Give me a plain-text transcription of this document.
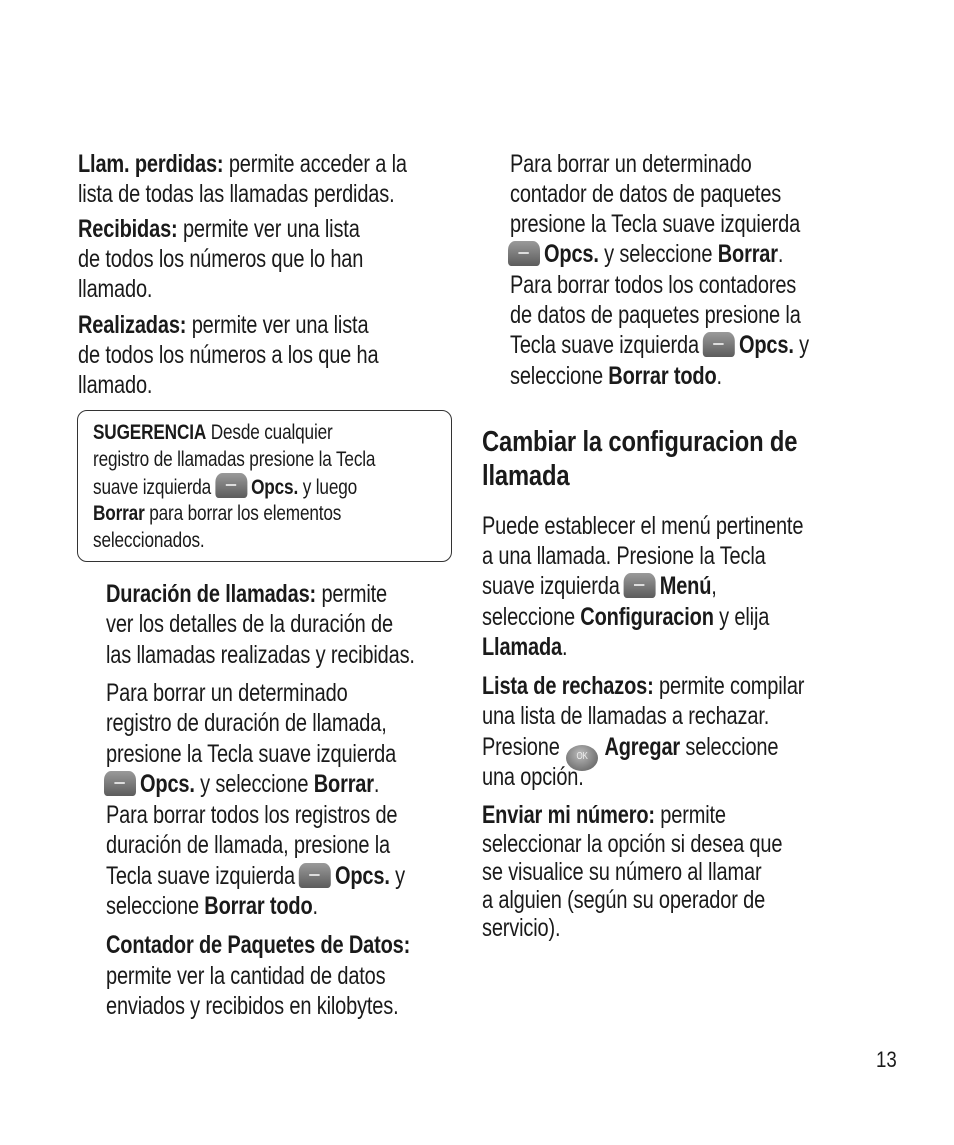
Llam. perdidas: permite acceder a la
lista de todas las llamadas perdidas.
Recibidas: permite ver una lista
de todos los números que lo han
llamado.
Realizadas: permite ver una lista
de todos los números a los que ha
llamado.
SUGERENCIA Desde cualquier
registro de llamadas presione la Tecla
suave izquierda Opcs. y luego
Borrar para borrar los elementos
seleccionados.
Duración de llamadas: permite
ver los detalles de la duración de
las llamadas realizadas y recibidas.
Para borrar un determinado
registro de duración de llamada,
presione la Tecla suave izquierda
Opcs. y seleccione Borrar.
Para borrar todos los registros de
duración de llamada, presione la
Tecla suave izquierda Opcs. y
seleccione Borrar todo.
Contador de Paquetes de Datos:
permite ver la cantidad de datos
enviados y recibidos en kilobytes.
Para borrar un determinado
contador de datos de paquetes
presione la Tecla suave izquierda
Opcs. y seleccione Borrar.
Para borrar todos los contadores
de datos de paquetes presione la
Tecla suave izquierda Opcs. y
seleccione Borrar todo.
Cambiar la configuracion de
llamada
Puede establecer el menú pertinente
a una llamada. Presione la Tecla
suave izquierda Menú,
seleccione Configuracion y elija
Llamada.
Lista de rechazos: permite compilar
una lista de llamadas a rechazar.
Presione OK Agregar seleccione
una opción.
Enviar mi número: permite
seleccionar la opción si desea que
se visualice su número al llamar
a alguien (según su operador de
servicio).
13
